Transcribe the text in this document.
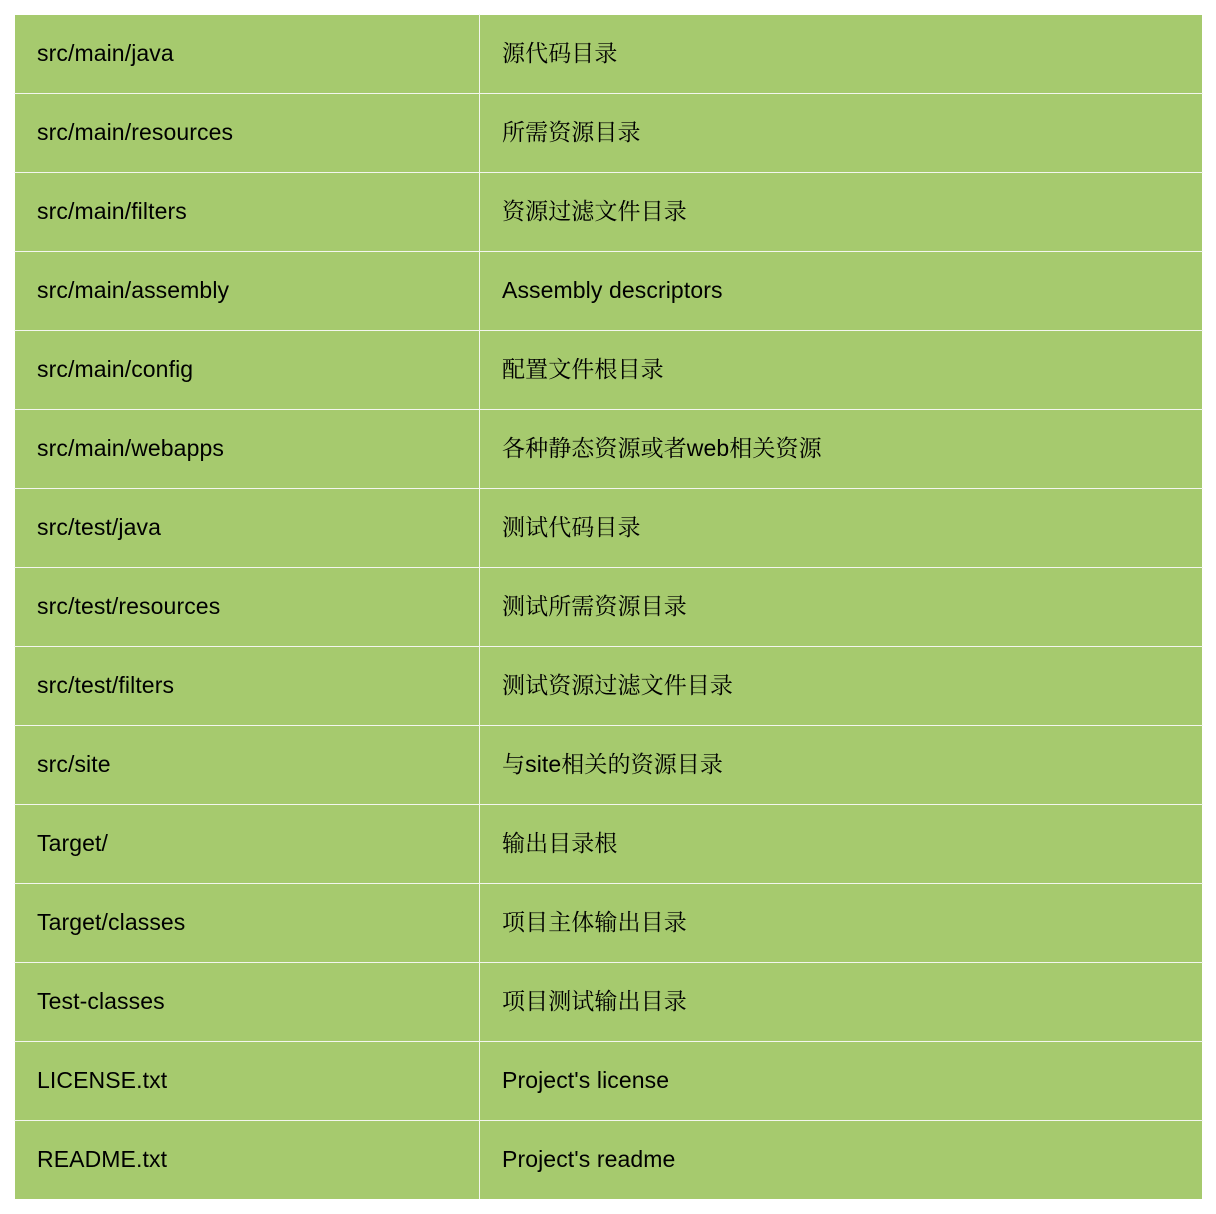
src/main/java	源代码目录
src/main/resources	所需资源目录
src/main/filters	资源过滤文件目录
src/main/assembly	Assembly descriptors
src/main/config	配置文件根目录
src/main/webapps	各种静态资源或者web相关资源
src/test/java	测试代码目录
src/test/resources	测试所需资源目录
src/test/filters	测试资源过滤文件目录
src/site	与site相关的资源目录
Target/	输出目录根
Target/classes	项目主体输出目录
Test-classes	项目测试输出目录
LICENSE.txt	Project's license
README.txt	Project's readme
